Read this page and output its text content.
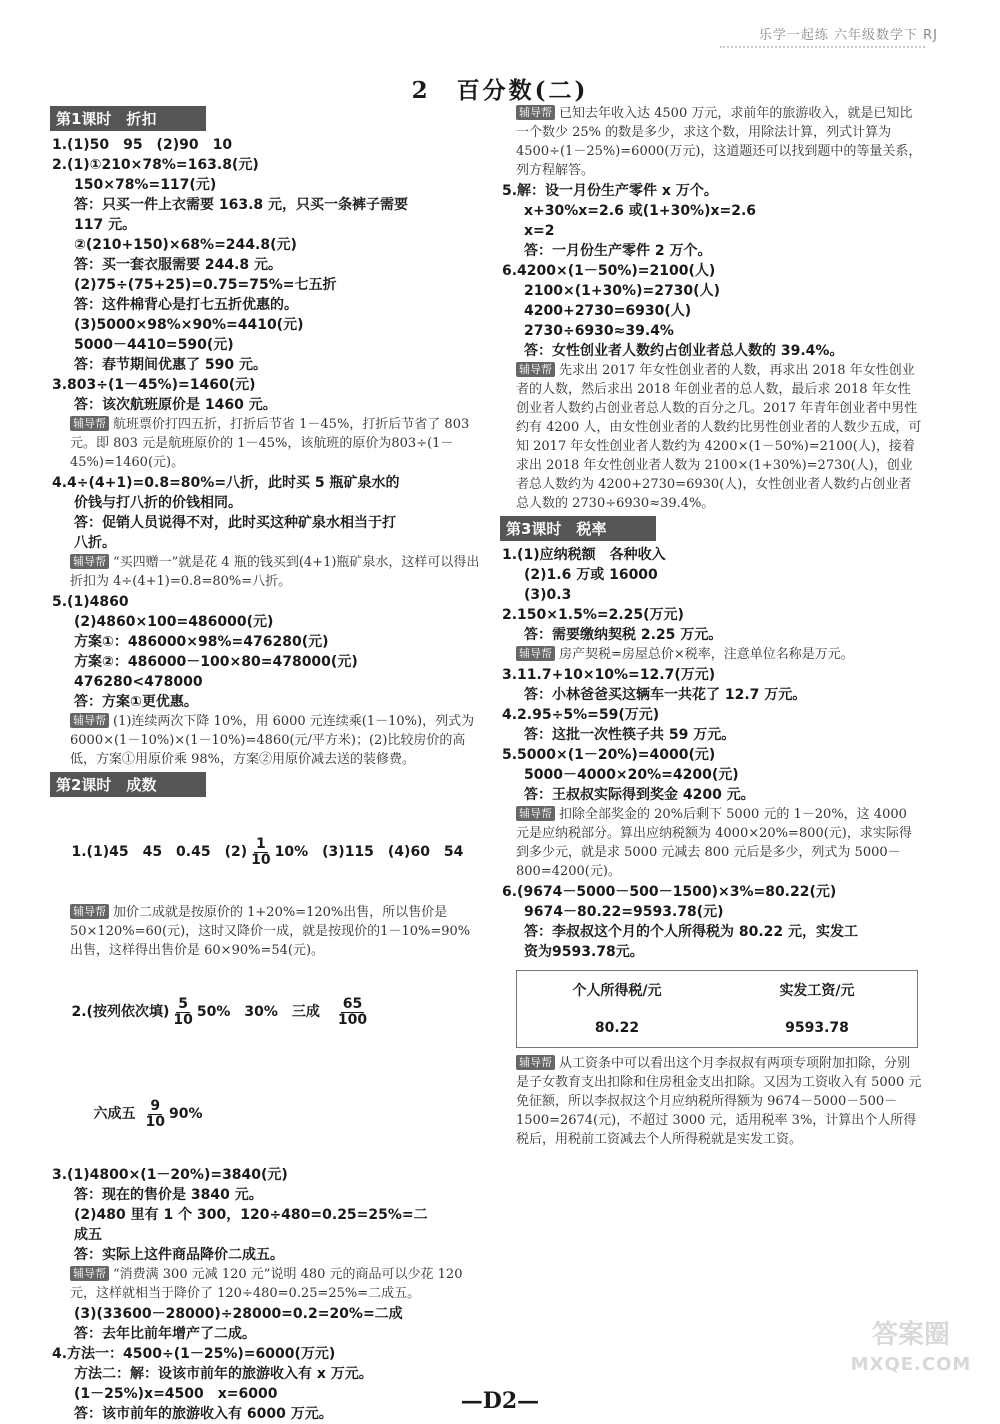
乐学一起练 六年级数学下 RJ
2　百分数(二)
第1课时　折扣

1.(1)50　95　(2)90　10

2.(1)①210×78%=163.8(元)

150×78%=117(元)

答：只买一件上衣需要 163.8 元，只买一条裤子需要

117 元。

②(210+150)×68%=244.8(元)

答：买一套衣服需要 244.8 元。

(2)75÷(75+25)=0.75=75%=七五折

答：这件棉背心是打七五折优惠的。

(3)5000×98%×90%=4410(元)

5000－4410=590(元)

答：春节期间优惠了 590 元。

3.803÷(1－45%)=1460(元)

答：该次航班原价是 1460 元。

辅导帮 航班票价打四五折，打折后节省 1－45%，打折后节省了 803 元。即 803 元是航班原价的 1－45%，该航班的原价为803÷(1－45%)=1460(元)。

4.4÷(4+1)=0.8=80%=八折，此时买 5 瓶矿泉水的

价钱与打八折的价钱相同。

答：促销人员说得不对，此时买这种矿泉水相当于打

八折。

辅导帮 “买四赠一”就是花 4 瓶的钱买到(4+1)瓶矿泉水，这样可以得出折扣为 4÷(4+1)=0.8=80%=八折。

5.(1)4860

(2)4860×100=486000(元)

方案①：486000×98%=476280(元)

方案②：486000－100×80=478000(元)

476280<478000

答：方案①更优惠。

辅导帮 (1)连续两次下降 10%，用 6000 元连续乘(1－10%)，列式为 6000×(1－10%)×(1－10%)=4860(元/平方米)；(2)比较房价的高低，方案①用原价乘 98%，方案②用原价减去送的装修费。

第2课时　成数

1.(1)45　45　0.45　$(2) \frac{1}{10} 10\%$　(3)115　(4)60　54

辅导帮 加价二成就是按原价的 1+20%=120%出售，所以售价是 50×120%=60(元)，这时又降价一成，就是按现价的1－10%=90%出售，这样得出售价是 60×90%=54(元)。

2.(按列依次填) $\frac{5}{10} 50\%$　30%　三成 $\frac{65}{100}$

六成五 $\frac{9}{10} 90\%$

3.(1)4800×(1－20%)=3840(元)

答：现在的售价是 3840 元。

(2)480 里有 1 个 300，120÷480=0.25=25%=二

成五

答：实际上这件商品降价二成五。

辅导帮 “消费满 300 元减 120 元”说明 480 元的商品可以少花 120 元，这样就相当于降价了 120÷480=0.25=25%=二成五。

(3)(33600－28000)÷28000=0.2=20%=二成

答：去年比前年增产了二成。

4.方法一：4500÷(1－25%)=6000(万元)

方法二：解：设该市前年的旅游收入有 x 万元。

(1－25%)x=4500　x=6000

答：该市前年的旅游收入有 6000 万元。

辅导帮 已知去年收入达 4500 万元，求前年的旅游收入，就是已知比一个数少 25% 的数是多少，求这个数，用除法计算，列式计算为 4500÷(1－25%)=6000(万元)，这道题还可以找到题中的等量关系，列方程解答。

5.解：设一月份生产零件 x 万个。

x+30%x=2.6 或(1+30%)x=2.6

x=2

答：一月份生产零件 2 万个。

6.4200×(1－50%)=2100(人)

2100×(1+30%)=2730(人)

4200+2730=6930(人)

2730÷6930≈39.4%

答：女性创业者人数约占创业者总人数的 39.4%。

辅导帮 先求出 2017 年女性创业者的人数，再求出 2018 年女性创业者的人数，然后求出 2018 年创业者的总人数，最后求 2018 年女性创业者人数约占创业者总人数的百分之几。2017 年青年创业者中男性约有 4200 人，由女性创业者的人数约比男性创业者的人数少五成，可知 2017 年女性创业者人数约为 4200×(1－50%)=2100(人)，接着求出 2018 年女性创业者人数为 2100×(1+30%)=2730(人)，创业者总人数约为 4200+2730=6930(人)，女性创业者人数约占创业者总人数的 2730÷6930≈39.4%。

第3课时　税率

1.(1)应纳税额　各种收入

(2)1.6 万或 16000

(3)0.3

2.150×1.5%=2.25(万元)

答：需要缴纳契税 2.25 万元。

辅导帮 房产契税=房屋总价×税率，注意单位名称是万元。

3.11.7+10×10%=12.7(万元)

答：小林爸爸买这辆车一共花了 12.7 万元。

4.2.95÷5%=59(万元)

答：这批一次性筷子共 59 万元。

5.5000×(1－20%)=4000(元)

5000－4000×20%=4200(元)

答：王叔叔实际得到奖金 4200 元。

辅导帮 扣除全部奖金的 20%后剩下 5000 元的 1－20%，这 4000 元是应纳税部分。算出应纳税额为 4000×20%=800(元)，求实际得到多少元，就是求 5000 元减去 800 元后是多少，列式为 5000－800=4200(元)。

6.(9674－5000－500－1500)×3%=80.22(元)

9674－80.22=9593.78(元)

答：李叔叔这个月的个人所得税为 80.22 元，实发工

资为9593.78元。

个人所得税/元	实发工资/元
80.22	9593.78

辅导帮 从工资条中可以看出这个月李叔叔有两项专项附加扣除，分别是子女教育支出扣除和住房租金支出扣除。又因为工资收入有 5000 元免征额，所以李叔叔这个月应纳税所得额为 9674－5000－500－1500=2674(元)，不超过 3000 元，适用税率 3%，计算出个人所得税后，用税前工资减去个人所得税就是实发工资。

—D2—
答案圈
MXQE.COM
